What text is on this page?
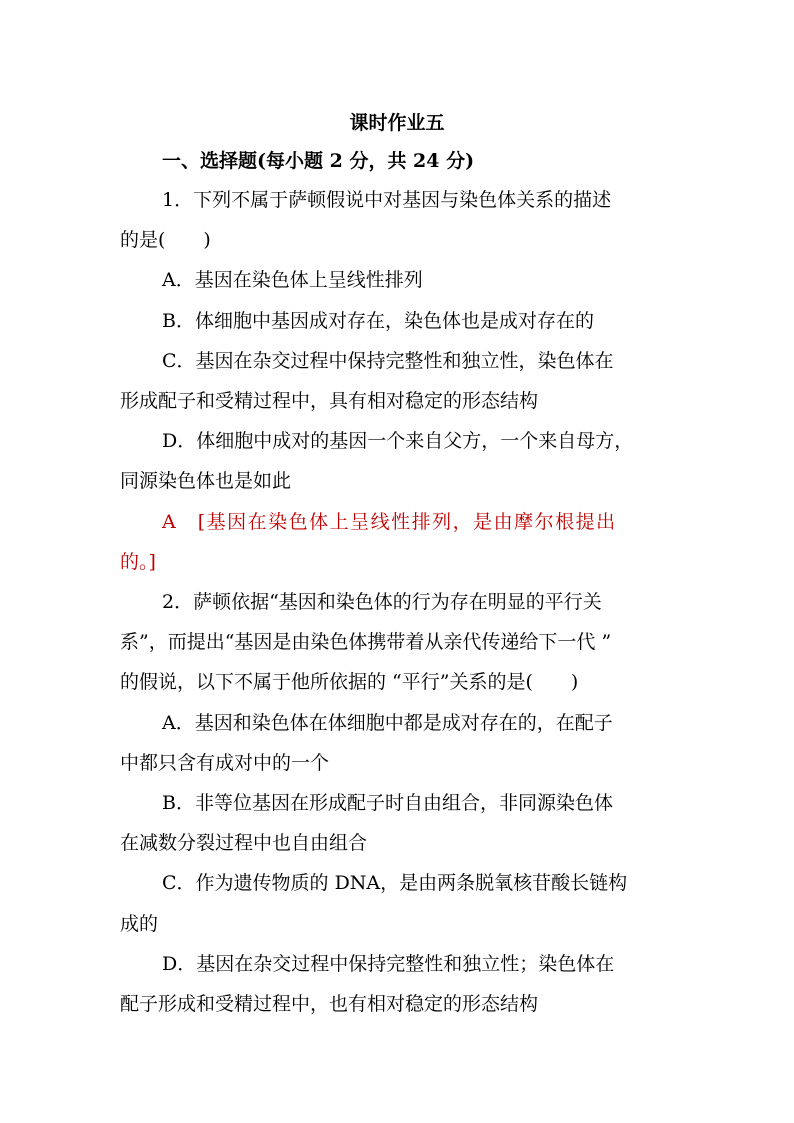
课时作业五
一、选择题(每小题 2 分，共 24 分)
1．下列不属于萨顿假说中对基因与染色体关系的描述
的是(　　)
A．基因在染色体上呈线性排列
B．体细胞中基因成对存在，染色体也是成对存在的
C．基因在杂交过程中保持完整性和独立性，染色体在
形成配子和受精过程中，具有相对稳定的形态结构
D．体细胞中成对的基因一个来自父方，一个来自母方，
同源染色体也是如此
A　[基因在染色体上呈线性排列，是由摩尔根提出
的。]
2．萨顿依据“基因和染色体的行为存在明显的平行关
系”，而提出“基因是由染色体携带着从亲代传递给下一代 ”
的假说，以下不属于他所依据的 “平行”关系的是(　　)
A．基因和染色体在体细胞中都是成对存在的，在配子
中都只含有成对中的一个
B．非等位基因在形成配子时自由组合，非同源染色体
在减数分裂过程中也自由组合
C．作为遗传物质的 DNA，是由两条脱氧核苷酸长链构
成的
D．基因在杂交过程中保持完整性和独立性；染色体在
配子形成和受精过程中，也有相对稳定的形态结构
